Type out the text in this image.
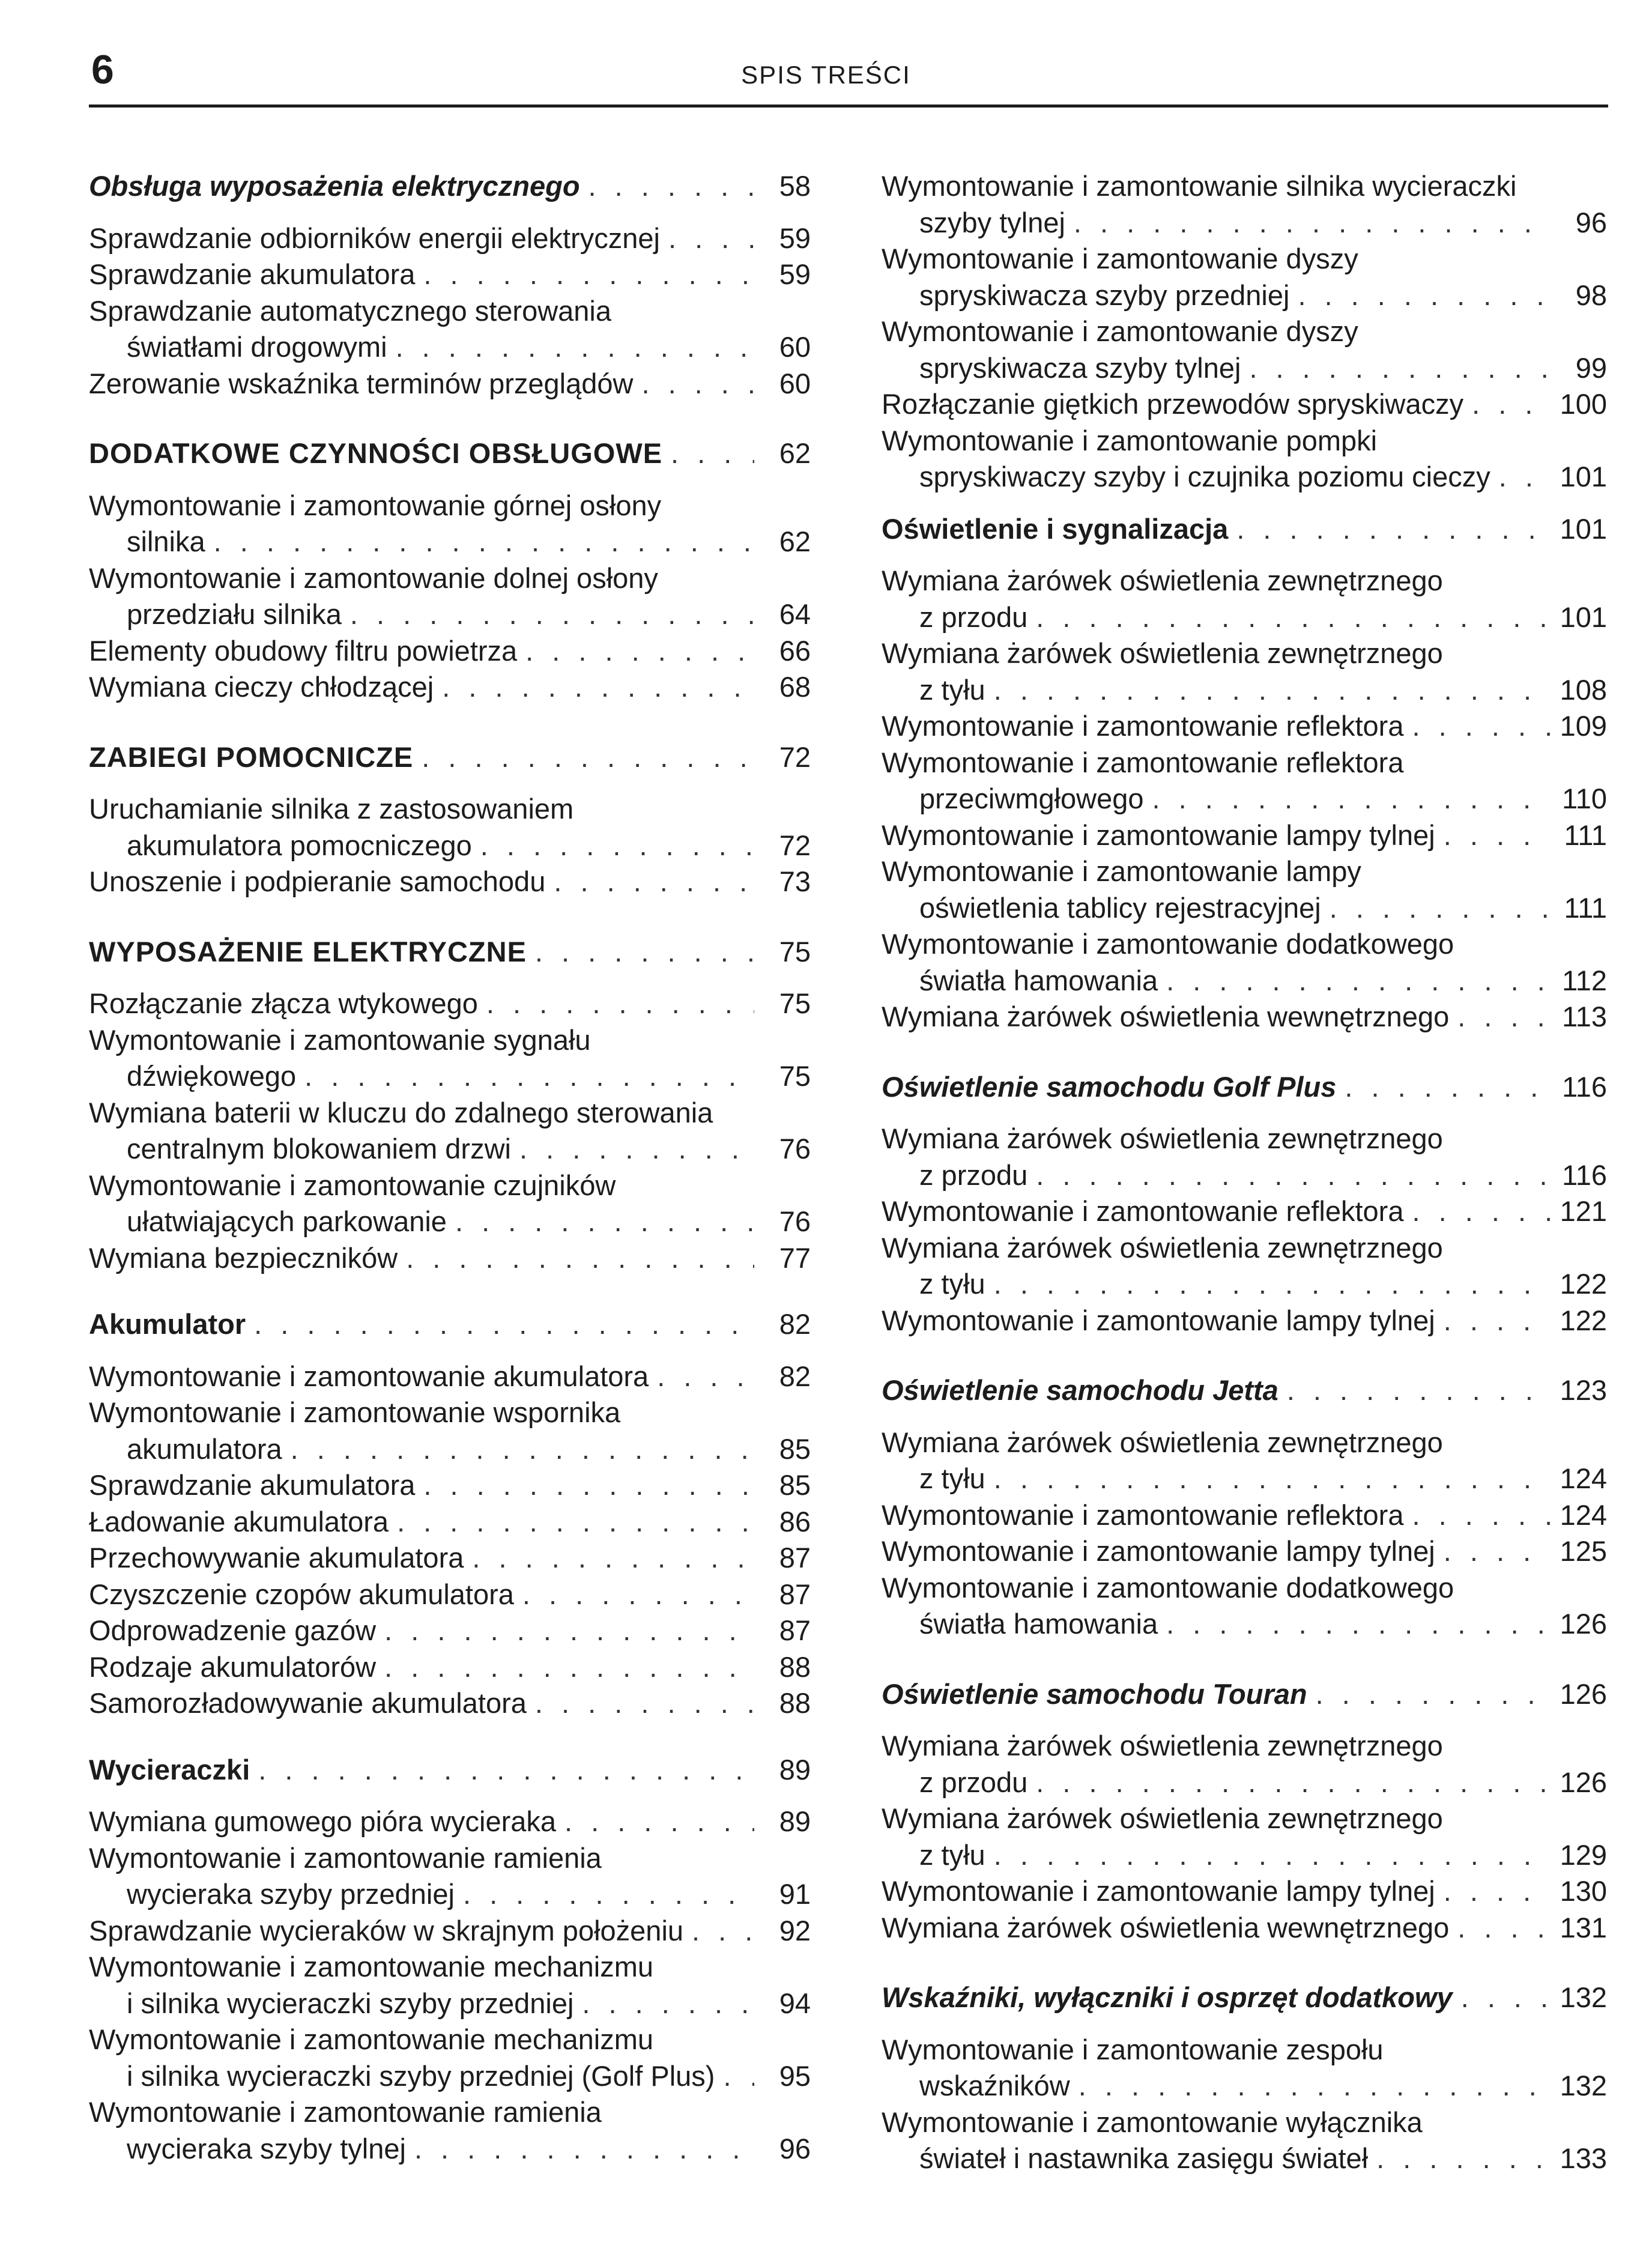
6	SPIS TREŚCI
Obsługa wyposażenia elektrycznego . . .	58
Sprawdzanie odbiorników energii elektrycznej . . .	59
Sprawdzanie akumulatora . . .	59
Sprawdzanie automatycznego sterowania
światłami drogowymi . . .	60
Zerowanie wskaźnika terminów przeglądów . . .	60
DODATKOWE CZYNNOŚCI OBSŁUGOWE . . .	62
Wymontowanie i zamontowanie górnej osłony
silnika . . .	62
Wymontowanie i zamontowanie dolnej osłony
przedziału silnika . . .	64
Elementy obudowy filtru powietrza . . .	66
Wymiana cieczy chłodzącej . . .	68
ZABIEGI POMOCNICZE . . .	72
Uruchamianie silnika z zastosowaniem
akumulatora pomocniczego . . .	72
Unoszenie i podpieranie samochodu . . .	73
WYPOSAŻENIE ELEKTRYCZNE . . .	75
Rozłączanie złącza wtykowego . . .	75
Wymontowanie i zamontowanie sygnału
dźwiękowego . . .	75
Wymiana baterii w kluczu do zdalnego sterowania
centralnym blokowaniem drzwi . . .	76
Wymontowanie i zamontowanie czujników
ułatwiających parkowanie . . .	76
Wymiana bezpieczników . . .	77
Akumulator . . .	82
Wymontowanie i zamontowanie akumulatora . . .	82
Wymontowanie i zamontowanie wspornika
akumulatora . . .	85
Sprawdzanie akumulatora . . .	85
Ładowanie akumulatora . . .	86
Przechowywanie akumulatora . . .	87
Czyszczenie czopów akumulatora . . .	87
Odprowadzenie gazów . . .	87
Rodzaje akumulatorów . . .	88
Samorozładowywanie akumulatora . . .	88
Wycieraczki . . .	89
Wymiana gumowego pióra wycieraka . . .	89
Wymontowanie i zamontowanie ramienia
wycieraka szyby przedniej . . .	91
Sprawdzanie wycieraków w skrajnym położeniu . . .	92
Wymontowanie i zamontowanie mechanizmu
i silnika wycieraczki szyby przedniej . . .	94
Wymontowanie i zamontowanie mechanizmu
i silnika wycieraczki szyby przedniej (Golf Plus) . . .	95
Wymontowanie i zamontowanie ramienia
wycieraka szyby tylnej . . .	96
Wymontowanie i zamontowanie silnika wycieraczki
szyby tylnej . . .	96
Wymontowanie i zamontowanie dyszy
spryskiwacza szyby przedniej . . .	98
Wymontowanie i zamontowanie dyszy
spryskiwacza szyby tylnej . . .	99
Rozłączanie giętkich przewodów spryskiwaczy . . .	100
Wymontowanie i zamontowanie pompki
spryskiwaczy szyby i czujnika poziomu cieczy . . . 101
Oświetlenie i sygnalizacja . . .	101
Wymiana żarówek oświetlenia zewnętrznego
z przodu . . .	101
Wymiana żarówek oświetlenia zewnętrznego
z tyłu . . .	108
Wymontowanie i zamontowanie reflektora . . .	109
Wymontowanie i zamontowanie reflektora
przeciwmgłowego . . .	110
Wymontowanie i zamontowanie lampy tylnej . . .	111
Wymontowanie i zamontowanie lampy
oświetlenia tablicy rejestracyjnej . . .	111
Wymontowanie i zamontowanie dodatkowego
światła hamowania . . .	112
Wymiana żarówek oświetlenia wewnętrznego . . .	113
Oświetlenie samochodu Golf Plus . . .	116
Wymiana żarówek oświetlenia zewnętrznego
z przodu . . .	116
Wymontowanie i zamontowanie reflektora . . .	121
Wymiana żarówek oświetlenia zewnętrznego
z tyłu . . .	122
Wymontowanie i zamontowanie lampy tylnej . . .	122
Oświetlenie samochodu Jetta . . .	123
Wymiana żarówek oświetlenia zewnętrznego
z tyłu . . .	124
Wymontowanie i zamontowanie reflektora . . .	124
Wymontowanie i zamontowanie lampy tylnej . . .	125
Wymontowanie i zamontowanie dodatkowego
światła hamowania . . .	126
Oświetlenie samochodu Touran . . .	126
Wymiana żarówek oświetlenia zewnętrznego
z przodu . . .	126
Wymiana żarówek oświetlenia zewnętrznego
z tyłu . . .	129
Wymontowanie i zamontowanie lampy tylnej . . .	130
Wymiana żarówek oświetlenia wewnętrznego . . .	131
Wskaźniki, wyłączniki i osprzęt dodatkowy . . .	132
Wymontowanie i zamontowanie zespołu
wskaźników . . .	132
Wymontowanie i zamontowanie wyłącznika
świateł i nastawnika zasięgu świateł . . .	133
